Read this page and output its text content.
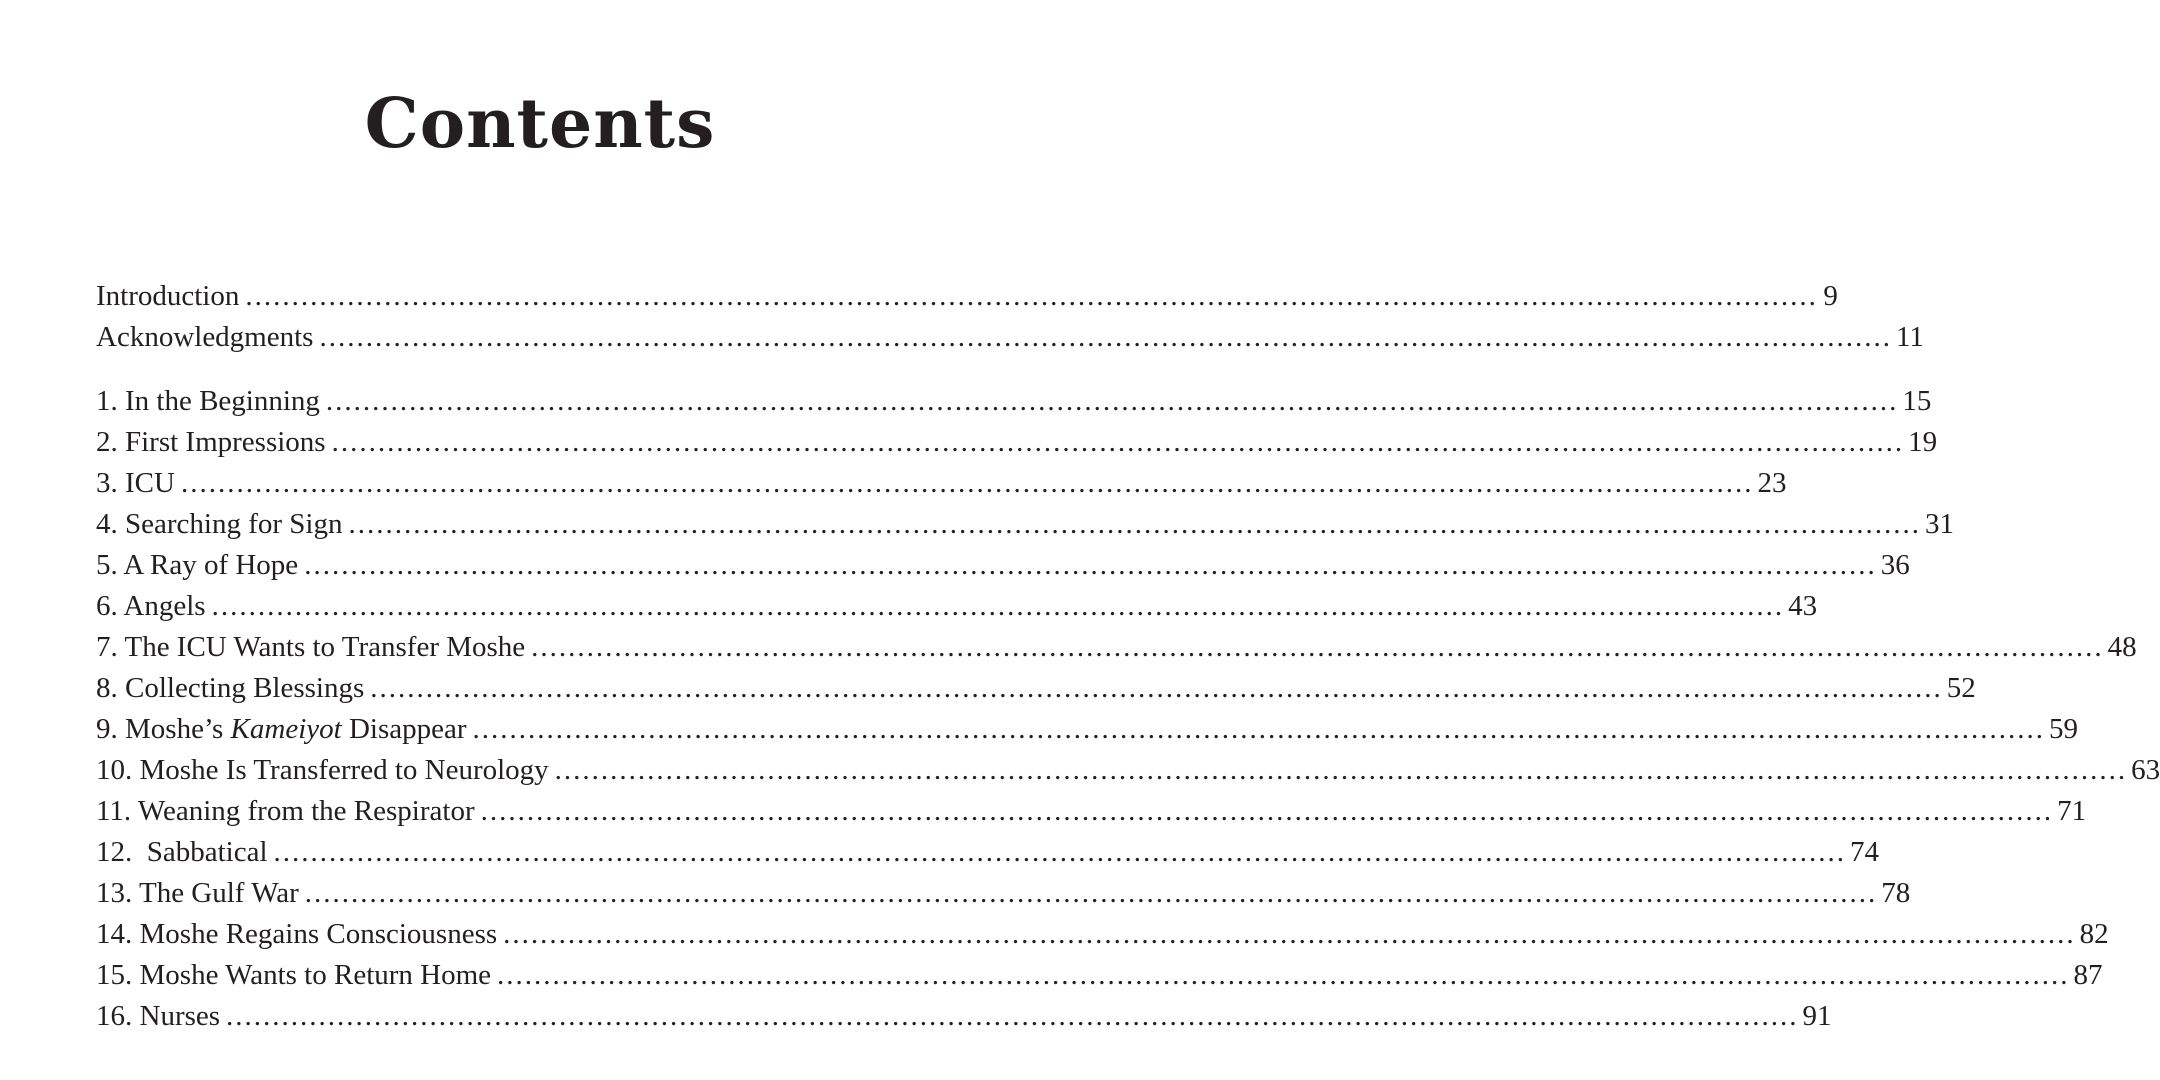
Contents
Introduction .......................................................................................................................................................................... 9
Acknowledgments .......................................................................................................................................................................... 11
1. In the Beginning .......................................................................................................................................................................... 15
2. First Impressions .......................................................................................................................................................................... 19
3. ICU .......................................................................................................................................................................... 23
4. Searching for Sign .......................................................................................................................................................................... 31
5. A Ray of Hope .......................................................................................................................................................................... 36
6. Angels .......................................................................................................................................................................... 43
7. The ICU Wants to Transfer Moshe .......................................................................................................................................................................... 48
8. Collecting Blessings .......................................................................................................................................................................... 52
9. Moshe’s Kameiyot Disappear .......................................................................................................................................................................... 59
10. Moshe Is Transferred to Neurology .......................................................................................................................................................................... 63
11. Weaning from the Respirator .......................................................................................................................................................................... 71
12.  Sabbatical .......................................................................................................................................................................... 74
13. The Gulf War .......................................................................................................................................................................... 78
14. Moshe Regains Consciousness .......................................................................................................................................................................... 82
15. Moshe Wants to Return Home .......................................................................................................................................................................... 87
16. Nurses .......................................................................................................................................................................... 91
